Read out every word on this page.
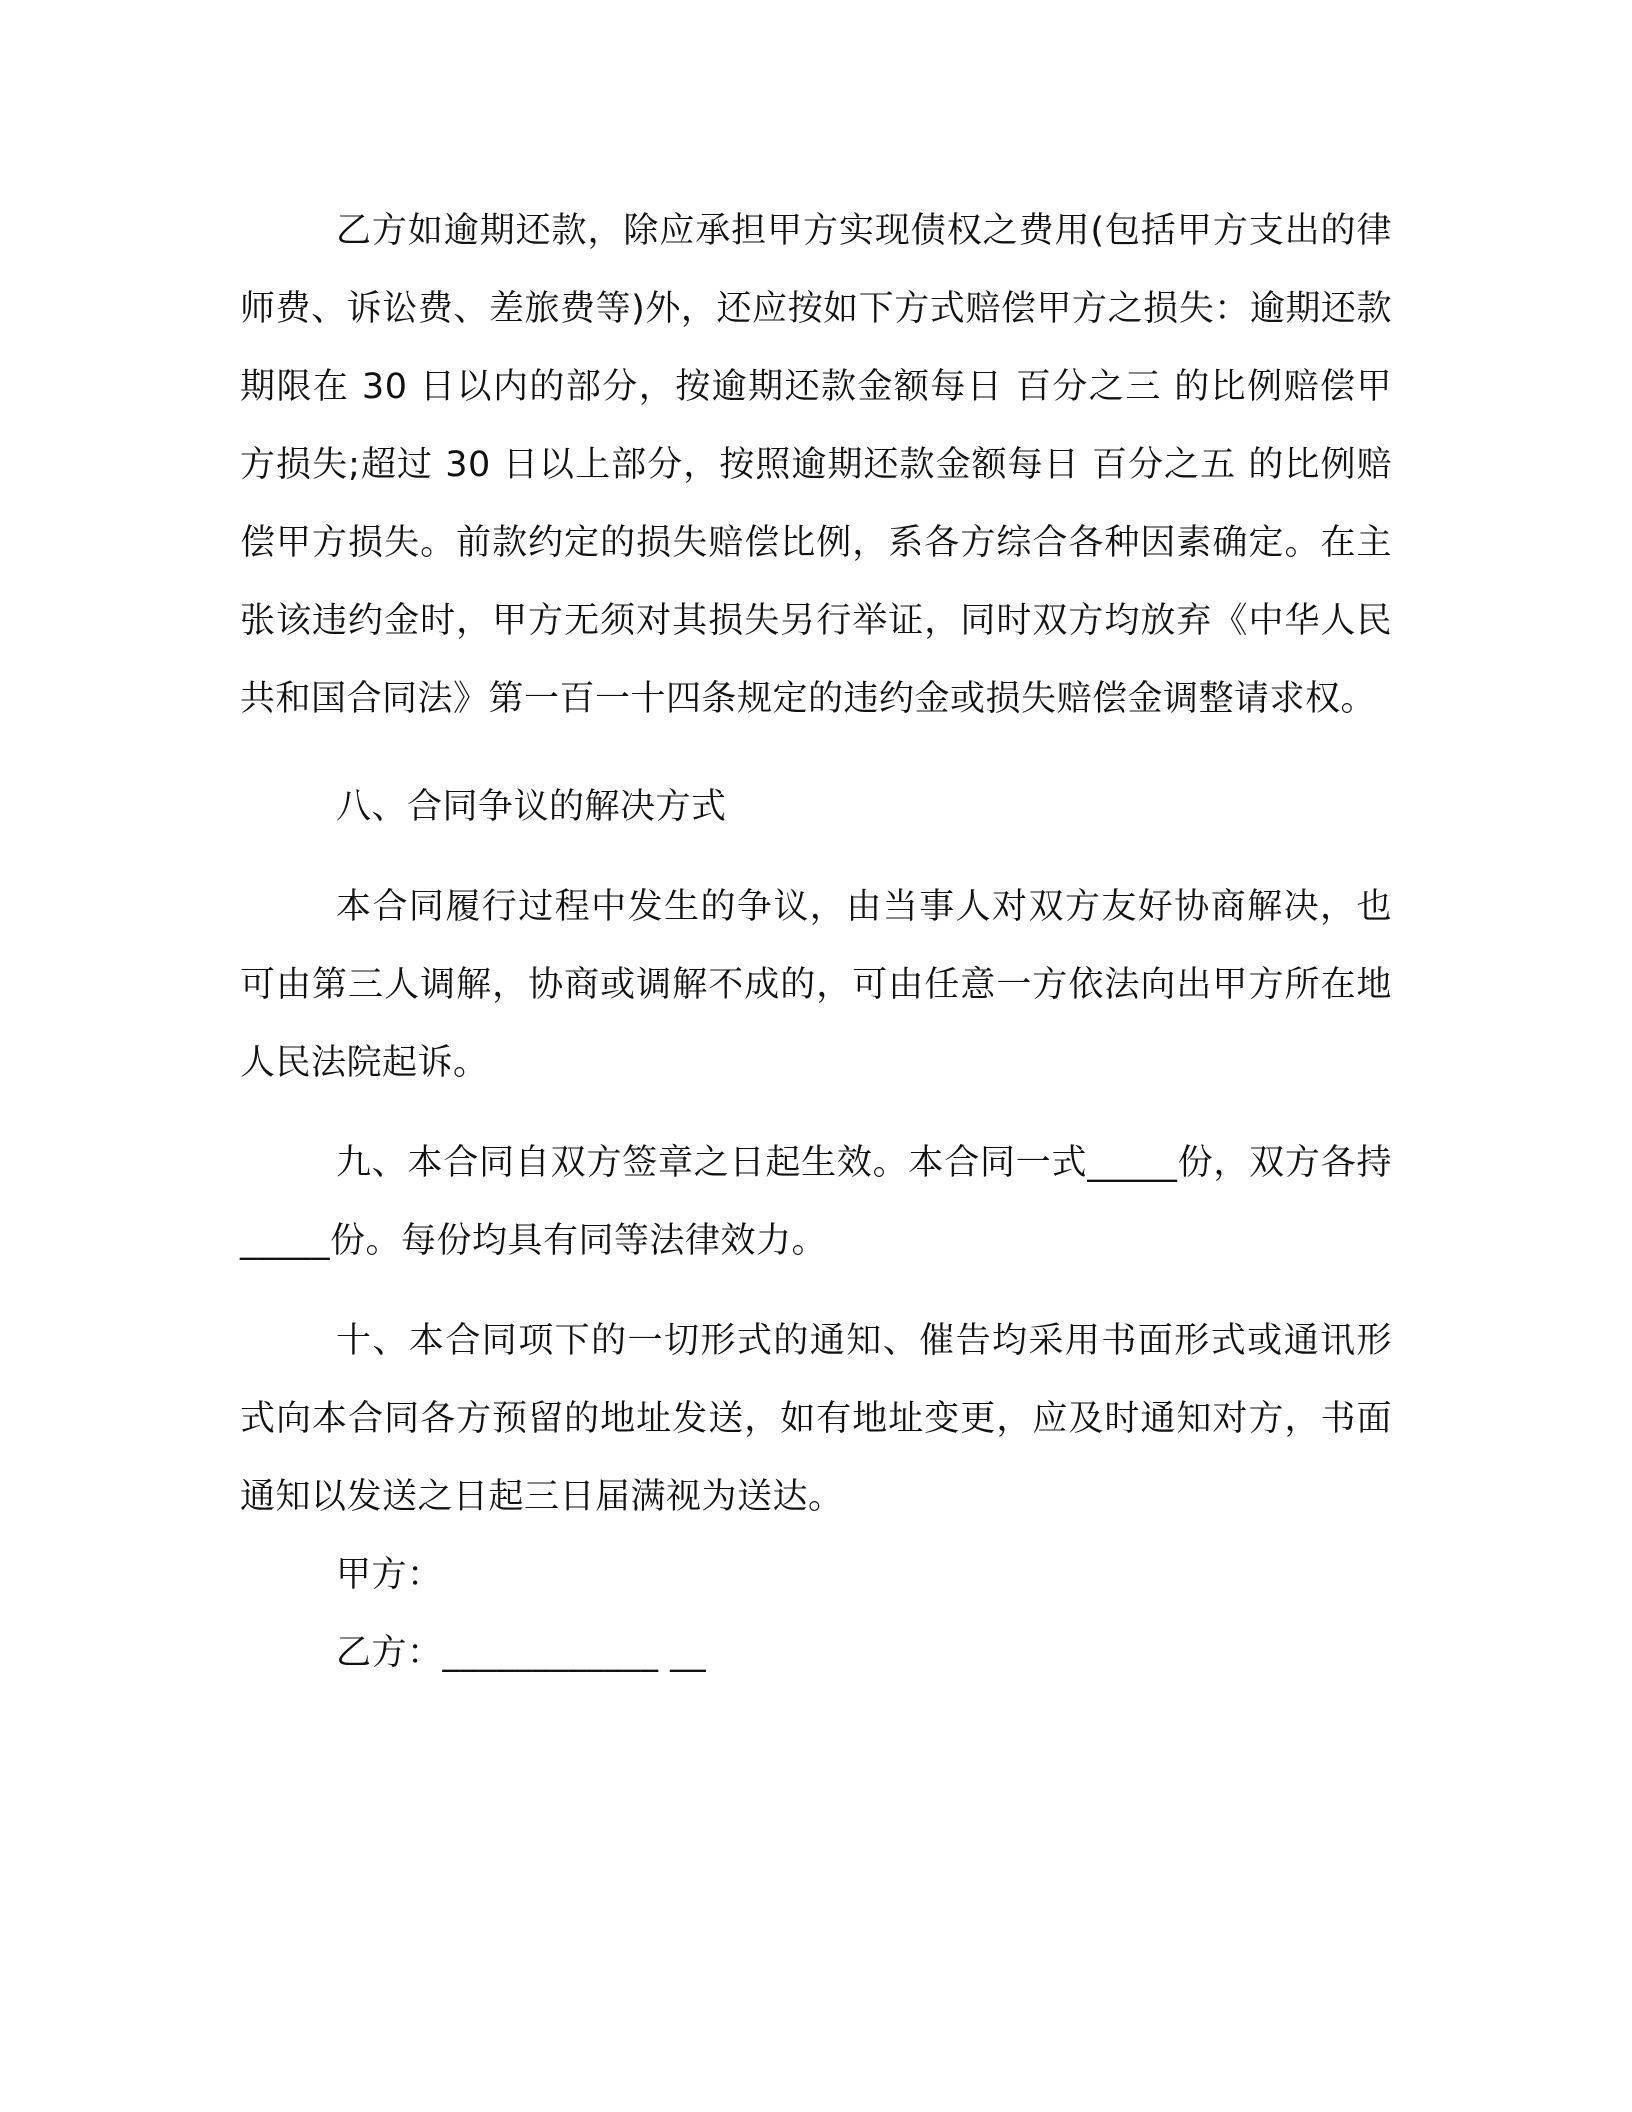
乙方如逾期还款，除应承担甲方实现债权之费用(包括甲方支出的律师费、诉讼费、差旅费等)外，还应按如下方式赔偿甲方之损失：逾期还款期限在 30 日以内的部分，按逾期还款金额每日 百分之三 的比例赔偿甲方损失;超过 30 日以上部分，按照逾期还款金额每日 百分之五 的比例赔偿甲方损失。前款约定的损失赔偿比例，系各方综合各种因素确定。在主张该违约金时，甲方无须对其损失另行举证，同时双方均放弃《中华人民共和国合同法》第一百一十四条规定的违约金或损失赔偿金调整请求权。

八、合同争议的解决方式

本合同履行过程中发生的争议，由当事人对双方友好协商解决，也可由第三人调解，协商或调解不成的，可由任意一方依法向出甲方所在地人民法院起诉。

九、本合同自双方签章之日起生效。本合同一式_____份，双方各持_____份。每份均具有同等法律效力。

十、本合同项下的一切形式的通知、催告均采用书面形式或通讯形式向本合同各方预留的地址发送，如有地址变更，应及时通知对方，书面通知以发送之日起三日届满视为送达。

甲方：

乙方：____________ __
